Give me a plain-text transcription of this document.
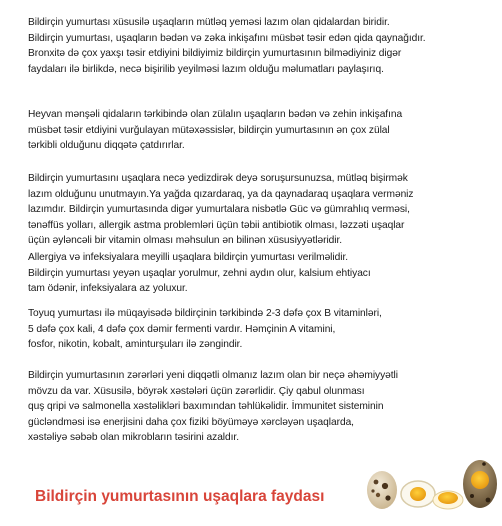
Bildirçin yumurtası xüsusilə uşaqların mütləq yeməsi lazım olan qidalardan biridir.
Bildirçin yumurtası, uşaqların bədən və zəka inkişafını müsbət təsir edən qida qaynağıdır.
Bronxitə də çox yaxşı təsir etdiyini bildiyimiz bildirçin yumurtasının bilmədiyiniz digər
faydaları ilə birlikdə, necə bişirilib yeyilməsi lazım olduğu məlumatları paylaşırıq.
Heyvan mənşəli qidaların tərkibində olan zülalın uşaqların bədən və zehin inkişafına
müsbət təsir etdiyini vurğulayan mütəxəssislər, bildirçin yumurtasının ən çox zülal
tərkibli olduğunu diqqətə çatdırırlar.
Bildirçin yumurtasını uşaqlara necə yedizdirək deyə soruşursunuzsa, mütləq bişirmək
lazım olduğunu unutmayın.Ya yağda qızardaraq, ya da qaynadaraq uşaqlara verməniz
lazımdır. Bildirçin yumurtasında digər yumurtalara nisbətlə Güc və gümrahlıq verməsi,
tənəffüs yolları, allergik astma problemləri üçün təbii antibiotik olması, ləzzəti uşaqlar
üçün əyləncəli bir vitamin olması məhsulun ən bilinən xüsusiyyətləridir.
Allergiya və infeksiyalara meyilli uşaqlara bildirçin yumurtası verilməlidir.
Bildirçin yumurtası yeyən uşaqlar yorulmur, zehni aydın olur, kalsium ehtiyacı
tam ödənir, infeksiyalara az yoluxur.
Toyuq yumurtası ilə müqayisədə bildirçinin tərkibində 2-3 dəfə çox B vitaminləri,
5 dəfə çox kali, 4 dəfə çox dəmir fermenti vardır. Həmçinin A vitamini,
fosfor, nikotin, kobalt, aminturşuları ilə zəngindir.
Bildirçin yumurtasının zərərləri yeni diqqətli olmanız lazım olan bir neçə əhəmiyyətli
mövzu da var. Xüsusilə, böyrək xəstələri üçün zərərlidir. Çiy qabul olunması
quş qripi və salmonella xəstəlikləri baxımından təhlükəlidir. İmmunitet sisteminin
gücləndməsi isə enerjisini daha çox fiziki böyüməyə xərcləyən uşaqlarda,
xəstəliyə səbəb olan mikrobların təsirini azaldır.
Bildirçin yumurtasının uşaqlara faydası
